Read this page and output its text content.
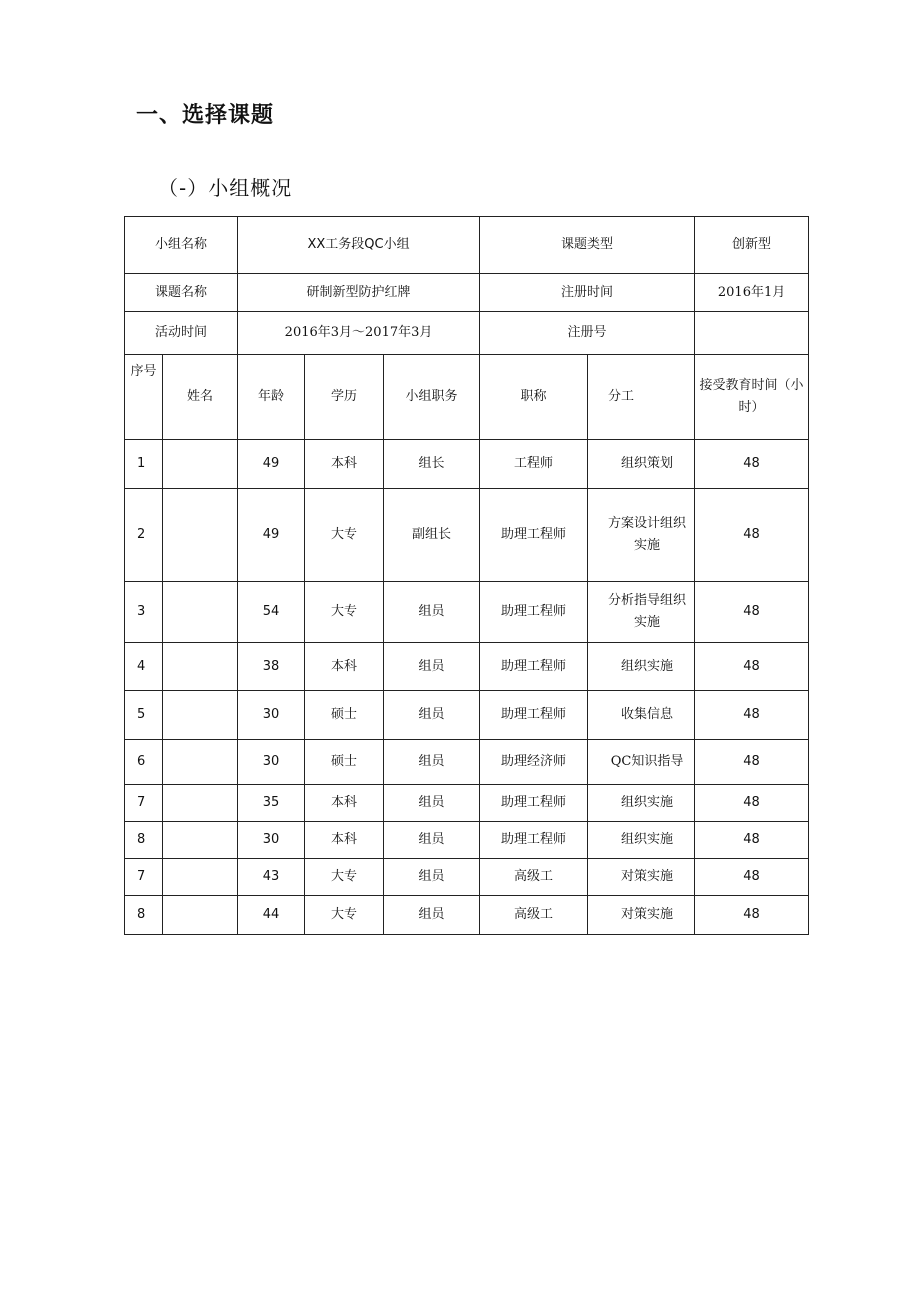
一、选择课题
（-）小组概况
小组名称		XX工务段QC小组			课题类型		创新型
课题名称		研制新型防护红牌			注册时间		2016年1月
活动时间		2016年3月～2017年3月			注册号		
序号	姓名	年龄	学历	小组职务	职称	分工	接受教育时间（小时）
1		49	本科	组长	工程师	组织策划	48
2		49	大专	副组长	助理工程师	方案设计组织实施	48
3		54	大专	组员	助理工程师	分析指导组织实施	48
4		38	本科	组员	助理工程师	组织实施	48
5		30	硕士	组员	助理工程师	收集信息	48
6		30	硕士	组员	助理经济师	QC知识指导	48
7		35	本科	组员	助理工程师	组织实施	48
8		30	本科	组员	助理工程师	组织实施	48
7		43	大专	组员	高级工	对策实施	48
8		44	大专	组员	高级工	对策实施	48
